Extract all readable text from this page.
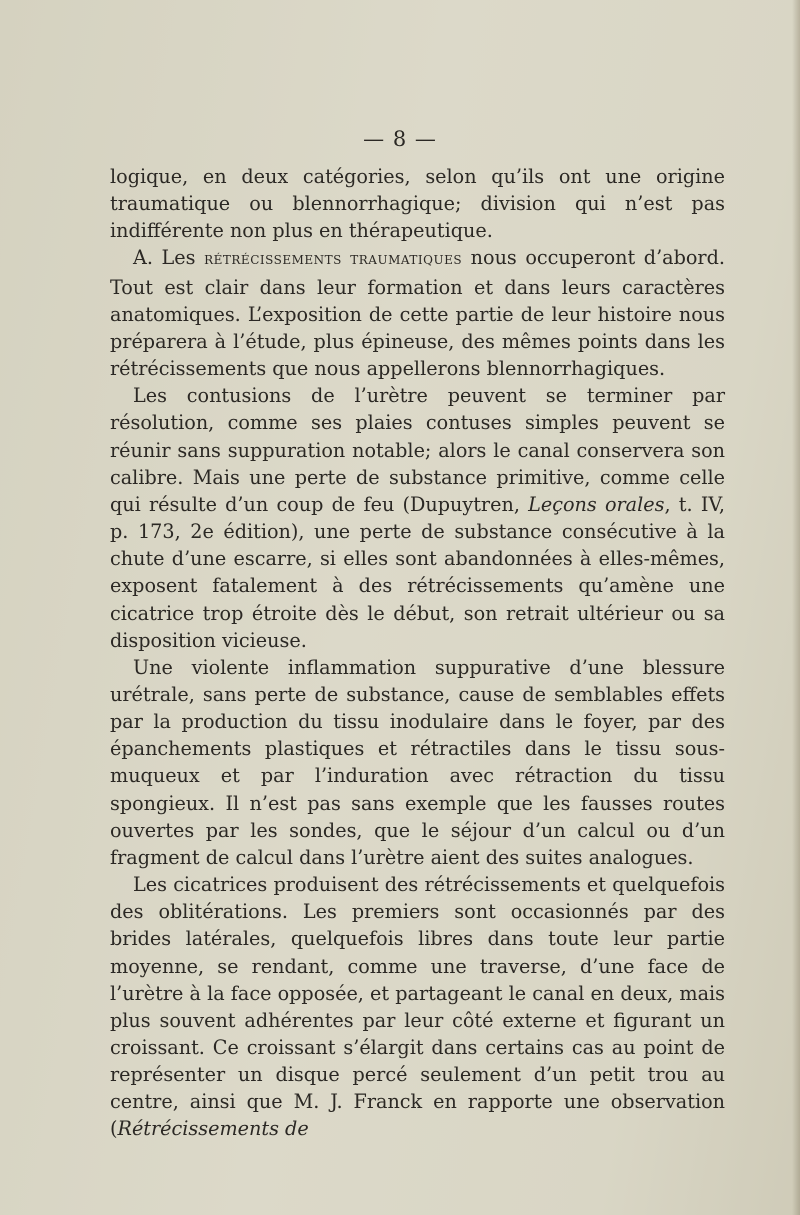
— 8 —

logique, en deux catégories, selon qu’ils ont une origine traumatique ou blennorrhagique; division qui n’est pas indifférente non plus en thérapeutique.

A. Les rétrécissements traumatiques nous occuperont d’abord. Tout est clair dans leur formation et dans leurs caractères anatomiques. L’exposition de cette partie de leur histoire nous préparera à l’étude, plus épineuse, des mêmes points dans les rétrécissements que nous appellerons blennorrhagiques.

Les contusions de l’urètre peuvent se terminer par résolution, comme ses plaies contuses simples peuvent se réunir sans suppuration notable; alors le canal conservera son calibre. Mais une perte de substance primitive, comme celle qui résulte d’un coup de feu (Dupuytren, Leçons orales, t. IV, p. 173, 2e édition), une perte de substance consécutive à la chute d’une escarre, si elles sont abandonnées à elles-mêmes, exposent fatalement à des rétrécissements qu’amène une cicatrice trop étroite dès le début, son retrait ultérieur ou sa disposition vicieuse.

Une violente inflammation suppurative d’une blessure urétrale, sans perte de substance, cause de semblables effets par la production du tissu inodulaire dans le foyer, par des épanchements plastiques et rétractiles dans le tissu sous-muqueux et par l’induration avec rétraction du tissu spongieux. Il n’est pas sans exemple que les fausses routes ouvertes par les sondes, que le séjour d’un calcul ou d’un fragment de calcul dans l’urètre aient des suites analogues.

Les cicatrices produisent des rétrécissements et quelquefois des oblitérations. Les premiers sont occasionnés par des brides latérales, quelquefois libres dans toute leur partie moyenne, se rendant, comme une traverse, d’une face de l’urètre à la face opposée, et partageant le canal en deux, mais plus souvent adhérentes par leur côté externe et figurant un croissant. Ce croissant s’élargit dans certains cas au point de représenter un disque percé seulement d’un petit trou au centre, ainsi que M. J. Franck en rapporte une observation (Rétrécissements de
